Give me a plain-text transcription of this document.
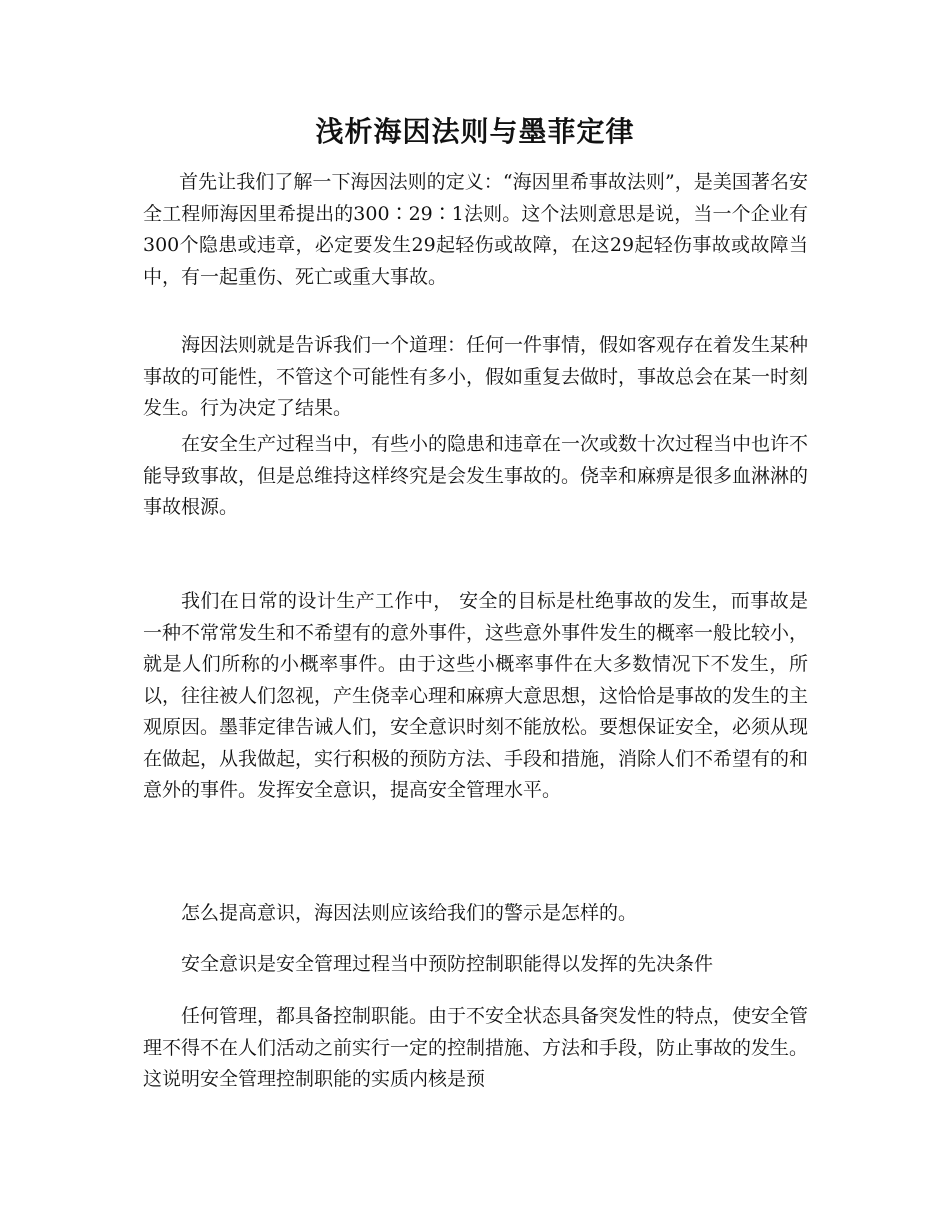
浅析海因法则与墨菲定律

首先让我们了解一下海因法则的定义：“海因里希事故法则”，是美国著名安全工程师海因里希提出的300∶29∶1法则。这个法则意思是说，当一个企业有300个隐患或违章，必定要发生29起轻伤或故障，在这29起轻伤事故或故障当中，有一起重伤、死亡或重大事故。

海因法则就是告诉我们一个道理：任何一件事情，假如客观存在着发生某种事故的可能性，不管这个可能性有多小，假如重复去做时，事故总会在某一时刻发生。行为决定了结果。

在安全生产过程当中，有些小的隐患和违章在一次或数十次过程当中也许不能导致事故，但是总维持这样终究是会发生事故的。侥幸和麻痹是很多血淋淋的事故根源。

我们在日常的设计生产工作中， 安全的目标是杜绝事故的发生，而事故是一种不常常发生和不希望有的意外事件，这些意外事件发生的概率一般比较小，就是人们所称的小概率事件。由于这些小概率事件在大多数情况下不发生，所以，往往被人们忽视，产生侥幸心理和麻痹大意思想，这恰恰是事故的发生的主观原因。墨菲定律告诫人们，安全意识时刻不能放松。要想保证安全，必须从现在做起，从我做起，实行积极的预防方法、手段和措施，消除人们不希望有的和意外的事件。发挥安全意识，提高安全管理水平。

怎么提高意识，海因法则应该给我们的警示是怎样的。

安全意识是安全管理过程当中预防控制职能得以发挥的先决条件

任何管理，都具备控制职能。由于不安全状态具备突发性的特点，使安全管理不得不在人们活动之前实行一定的控制措施、方法和手段，防止事故的发生。这说明安全管理控制职能的实质内核是预
